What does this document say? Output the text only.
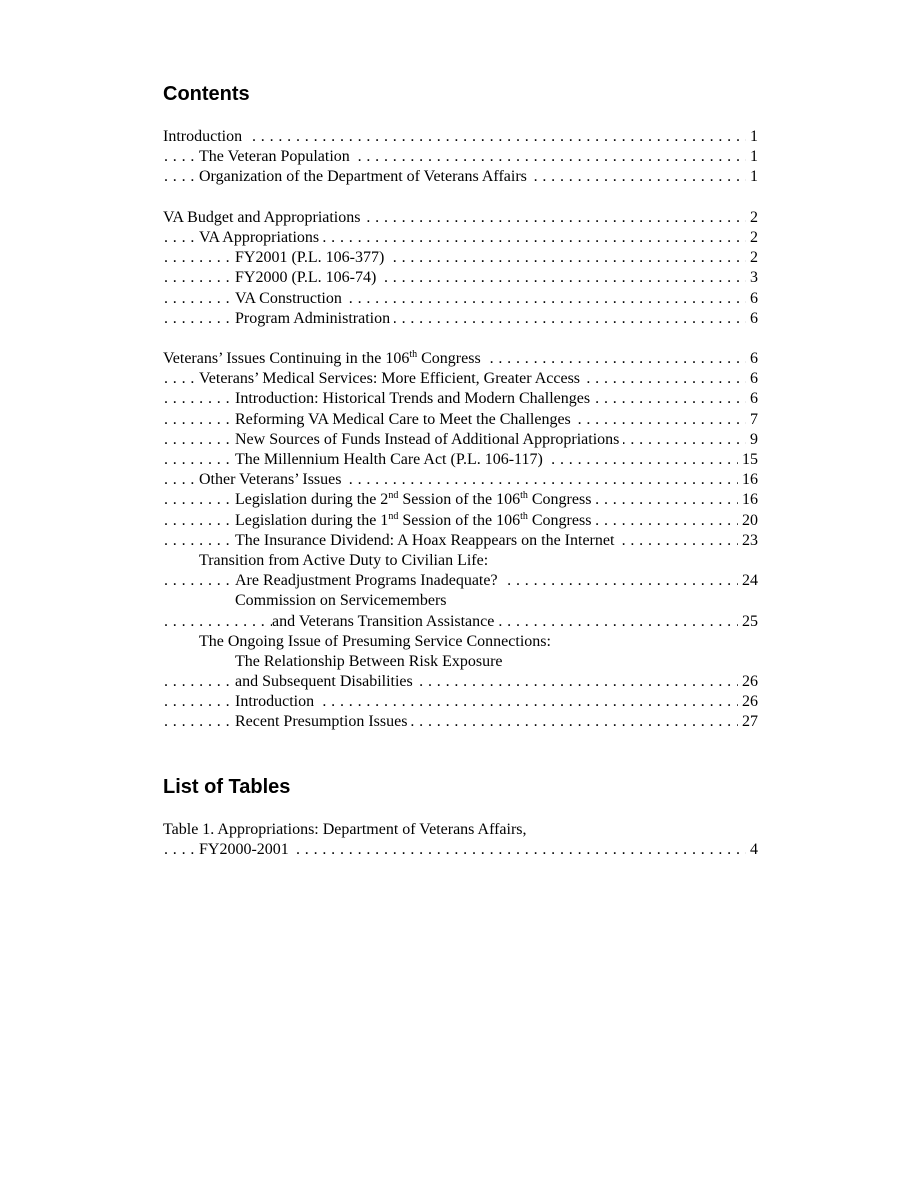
Contents
Introduction	1
. . .
The Veteran Population	1
. . .
Organization of the Department of Veterans Affairs	1
. . .
VA Budget and Appropriations	2
. . .
VA Appropriations	2
. . .
FY2001 (P.L. 106-377)	2
. . .
FY2000 (P.L. 106-74)	3
. . .
VA Construction	6
. . .
Program Administration	6
. . .
Veterans’ Issues Continuing in the 106th Congress	6
. . .
Veterans’ Medical Services: More Efficient, Greater Access	6
. . .
Introduction: Historical Trends and Modern Challenges	6
. . .
Reforming VA Medical Care to Meet the Challenges	7
. . .
New Sources of Funds Instead of Additional Appropriations	9
. . .
The Millennium Health Care Act (P.L. 106-117)	15
. . .
Other Veterans’ Issues	16
. . .
Legislation during the 2nd Session of the 106th Congress	16
. . .
Legislation during the 1nd Session of the 106th Congress	20
. . .
The Insurance Dividend: A Hoax Reappears on the Internet	23
. . .
Transition from Active Duty to Civilian Life:
Are Readjustment Programs Inadequate?	24
. . .
Commission on Servicemembers
and Veterans Transition Assistance	25
. . .
The Ongoing Issue of Presuming Service Connections:
The Relationship Between Risk Exposure
and Subsequent Disabilities	26
. . .
Introduction	26
. . .
Recent Presumption Issues	27
. . .
List of Tables
Table 1. Appropriations: Department of Veterans Affairs,
FY2000-2001	4
. . .
